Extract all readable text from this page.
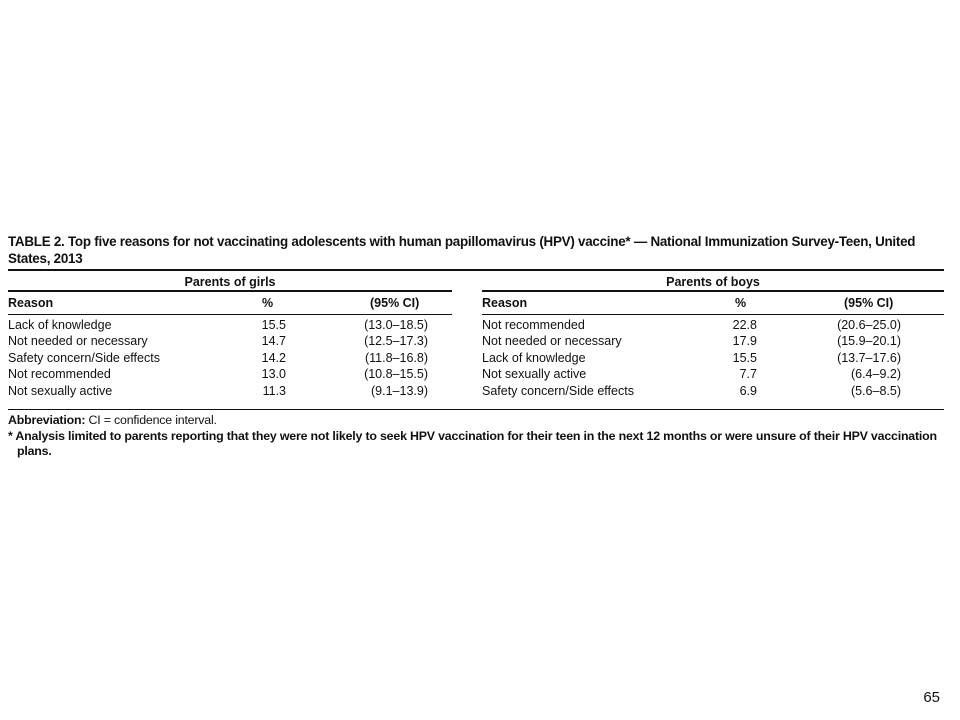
TABLE 2. Top five reasons for not vaccinating adolescents with human papillomavirus (HPV) vaccine* — National Immunization Survey-Teen, United States, 2013
Parents of girls
Reason	%	(95% CI)
Lack of knowledge	15.5	(13.0–18.5)
Not needed or necessary	14.7	(12.5–17.3)
Safety concern/Side effects	14.2	(11.8–16.8)
Not recommended	13.0	(10.8–15.5)
Not sexually active	11.3	(9.1–13.9)
Parents of boys
Reason	%	(95% CI)
Not recommended	22.8	(20.6–25.0)
Not needed or necessary	17.9	(15.9–20.1)
Lack of knowledge	15.5	(13.7–17.6)
Not sexually active	7.7	(6.4–9.2)
Safety concern/Side effects	6.9	(5.6–8.5)
Abbreviation: CI = confidence interval.
* Analysis limited to parents reporting that they were not likely to seek HPV vaccination for their teen in the next 12 months or were unsure of their HPV vaccination plans.
65
